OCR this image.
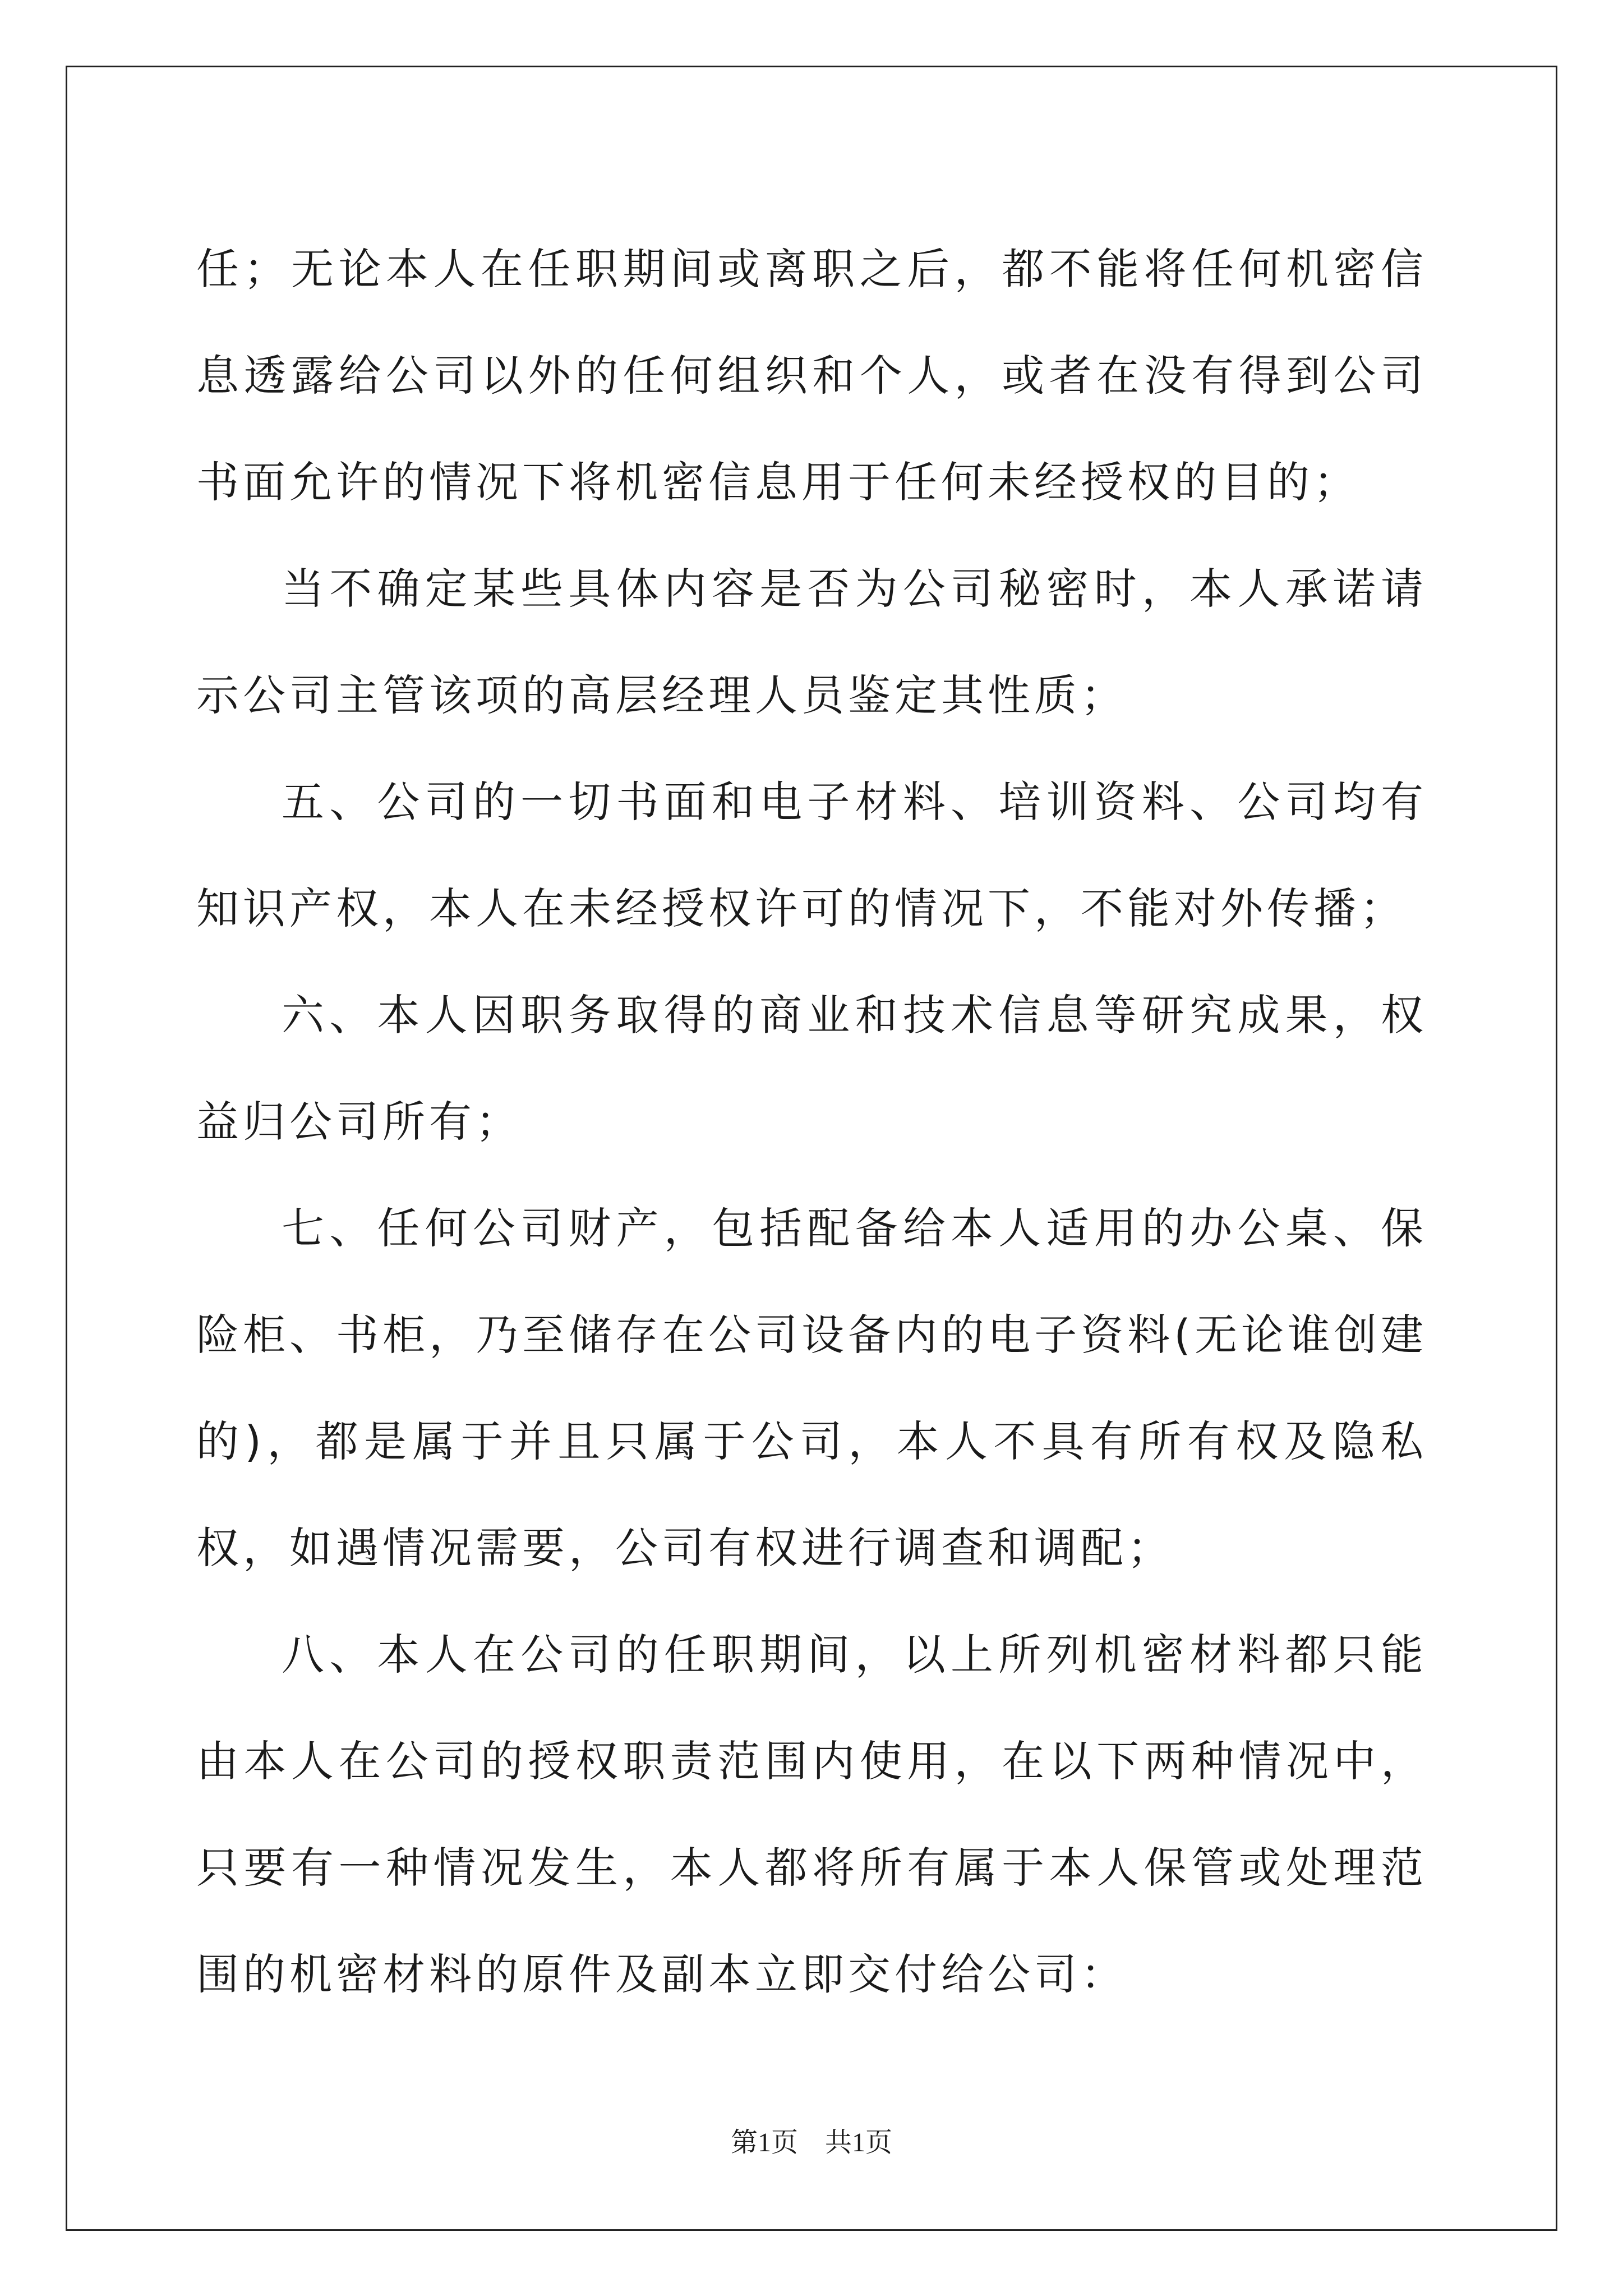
任；无论本人在任职期间或离职之后，都不能将任何机密信息透露给公司以外的任何组织和个人，或者在没有得到公司书面允许的情况下将机密信息用于任何未经授权的目的；

当不确定某些具体内容是否为公司秘密时，本人承诺请示公司主管该项的高层经理人员鉴定其性质；

五、公司的一切书面和电子材料、培训资料、公司均有知识产权，本人在未经授权许可的情况下，不能对外传播；

六、本人因职务取得的商业和技术信息等研究成果，权益归公司所有；

七、任何公司财产，包括配备给本人适用的办公桌、保险柜、书柜，乃至储存在公司设备内的电子资料(无论谁创建的)，都是属于并且只属于公司，本人不具有所有权及隐私权，如遇情况需要，公司有权进行调查和调配；

八、本人在公司的任职期间，以上所列机密材料都只能由本人在公司的授权职责范围内使用，在以下两种情况中，只要有一种情况发生，本人都将所有属于本人保管或处理范围的机密材料的原件及副本立即交付给公司：

第1页　共1页
